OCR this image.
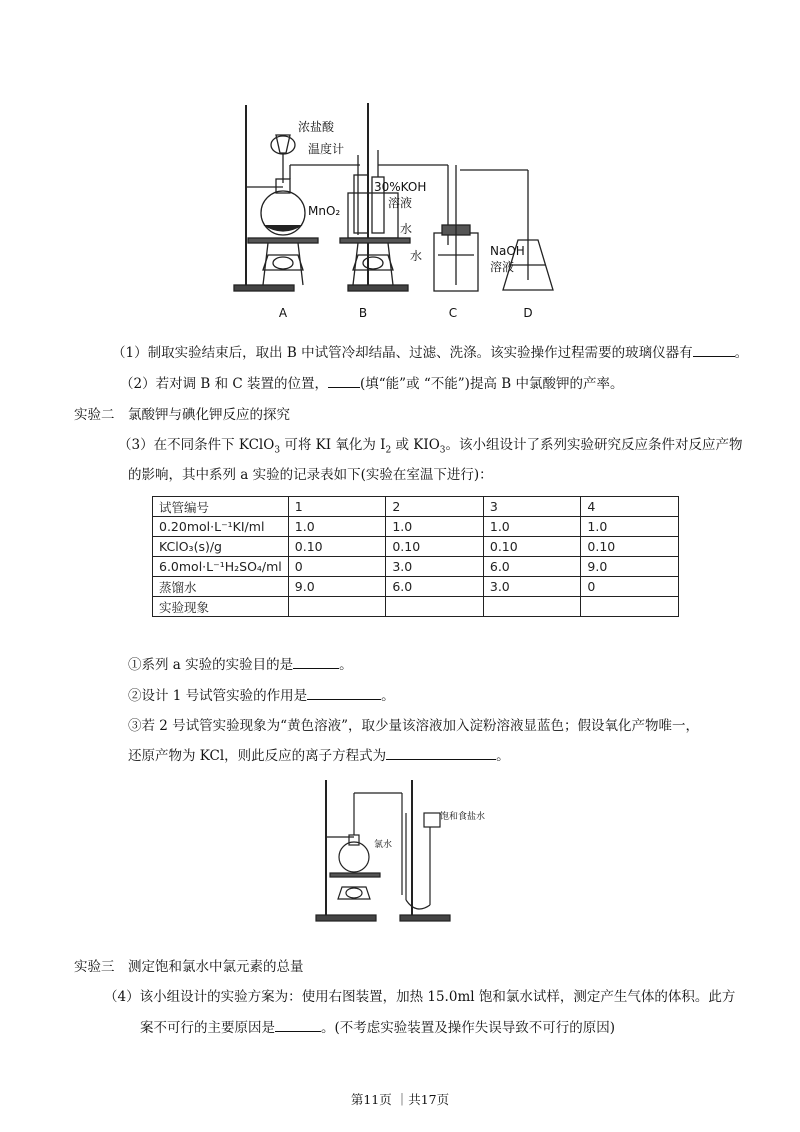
浓盐酸
温度计
30%KOH
溶液
MnO₂
水
水	NaOH
溶液
A	B	C	D
（1）制取实验结束后，取出 B 中试管冷却结晶、过滤、洗涤。该实验操作过程需要的玻璃仪器有	。
（2）若对调 B 和 C 装置的位置， (填“能”或 “不能”)提高 B 中氯酸钾的产率。
实验二　氯酸钾与碘化钾反应的探究
（3）在不同条件下 KClO$_3$ 可将 KI 氧化为 $I_2$ 或 $KIO_3$。该小组设计了系列实验研究反应条件对反应产物
的影响，其中系列 a 实验的记录表如下(实验在室温下进行)：
试管编号	1	2	3	4
0.20mol·L⁻¹KI/ml	1.0	1.0	1.0	1.0
KClO₃(s)/g	0.10	0.10	0.10	0.10
6.0mol·L⁻¹H₂SO₄/ml	0	3.0	6.0	9.0
蒸馏水	9.0	6.0	3.0	0
实验现象				
①系列 a 实验的实验目的是	。
②设计 1 号试管实验的作用是	。
③若 2 号试管实验现象为“黄色溶液”，取少量该溶液加入淀粉溶液显蓝色；假设氧化产物唯一，
还原产物为 KCl，则此反应的离子方程式为	。
饱和食盐水
氯水
实验三　测定饱和氯水中氯元素的总量
（4）该小组设计的实验方案为：使用右图装置，加热 15.0ml 饱和氯水试样，测定产生气体的体积。此方
案不可行的主要原因是	。(不考虑实验装置及操作失误导致不可行的原因)
第11页 ｜共17页
